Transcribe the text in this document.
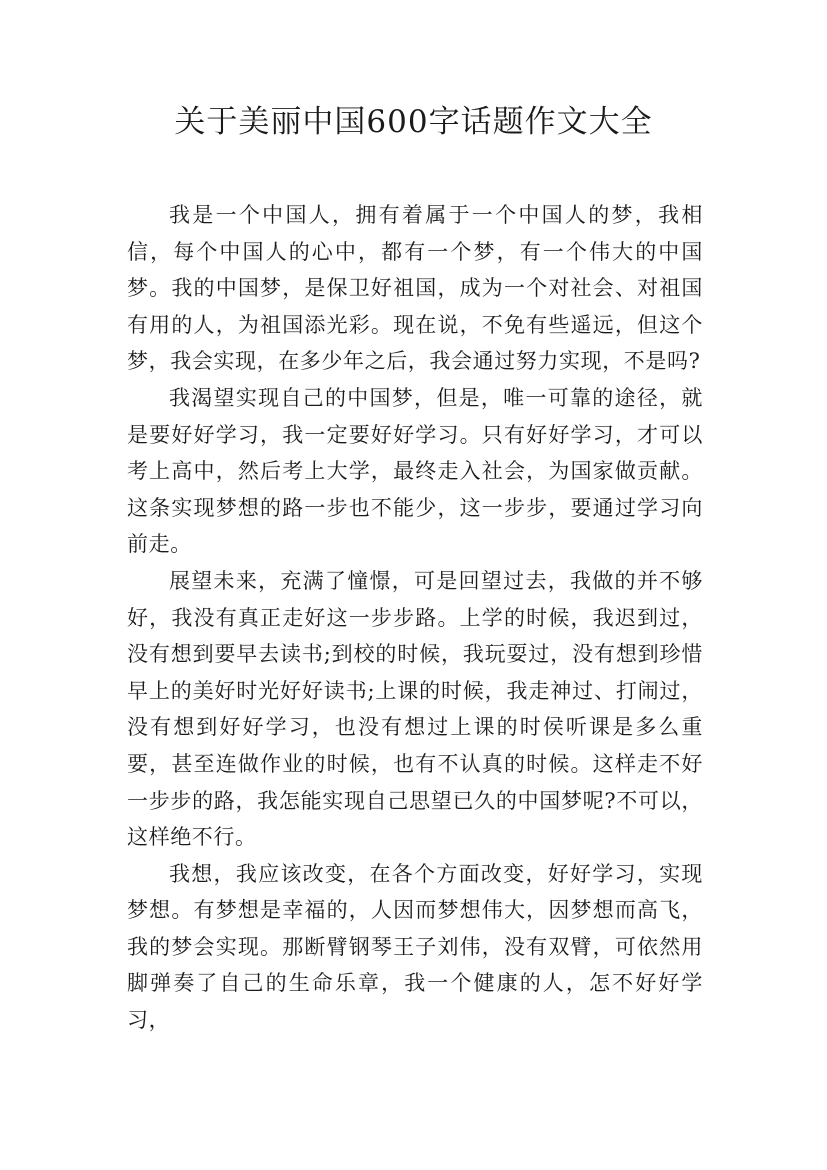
关于美丽中国600字话题作文大全

我是一个中国人，拥有着属于一个中国人的梦，我相信，每个中国人的心中，都有一个梦，有一个伟大的中国梦。我的中国梦，是保卫好祖国，成为一个对社会、对祖国有用的人，为祖国添光彩。现在说，不免有些遥远，但这个梦，我会实现，在多少年之后，我会通过努力实现，不是吗?

我渴望实现自己的中国梦，但是，唯一可靠的途径，就是要好好学习，我一定要好好学习。只有好好学习，才可以考上高中，然后考上大学，最终走入社会，为国家做贡献。这条实现梦想的路一步也不能少，这一步步，要通过学习向前走。

展望未来，充满了憧憬，可是回望过去，我做的并不够好，我没有真正走好这一步步路。上学的时候，我迟到过，没有想到要早去读书;到校的时候，我玩耍过，没有想到珍惜早上的美好时光好好读书;上课的时候，我走神过、打闹过，没有想到好好学习，也没有想过上课的时侯听课是多么重要，甚至连做作业的时候，也有不认真的时候。这样走不好一步步的路，我怎能实现自己思望已久的中国梦呢?不可以，这样绝不行。

我想，我应该改变，在各个方面改变，好好学习，实现梦想。有梦想是幸福的，人因而梦想伟大，因梦想而高飞，我的梦会实现。那断臂钢琴王子刘伟，没有双臂，可依然用脚弹奏了自己的生命乐章，我一个健康的人，怎不好好学习，
